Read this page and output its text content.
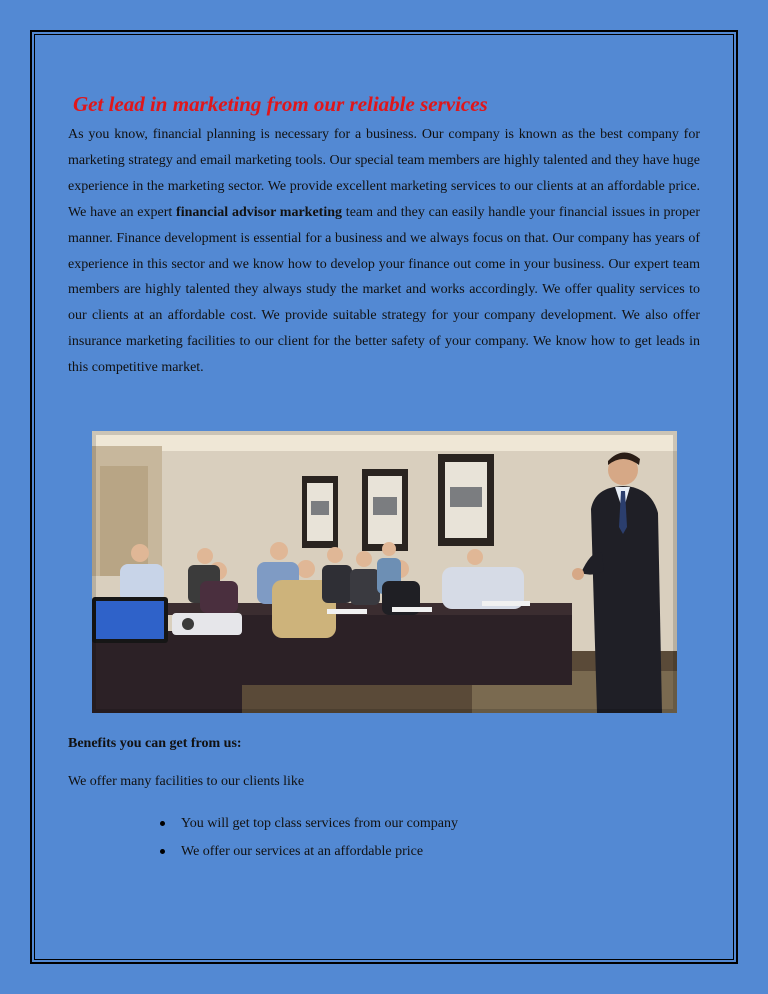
Get lead in marketing from our reliable services

As you know, financial planning is necessary for a business. Our company is known as the best company for marketing strategy and email marketing tools. Our special team members are highly talented and they have huge experience in the marketing sector. We provide excellent marketing services to our clients at an affordable price. We have an expert financial advisor marketing team and they can easily handle your financial issues in proper manner. Finance development is essential for a business and we always focus on that. Our company has years of experience in this sector and we know how to develop your finance out come in your business. Our expert team members are highly talented they always study the market and works accordingly. We offer quality services to our clients at an affordable cost. We provide suitable strategy for your company development. We also offer insurance marketing facilities to our client for the better safety of your company. We know how to get leads in this competitive market.

Benefits you can get from us:

We offer many facilities to our clients like

You will get top class services from our company
We offer our services at an affordable price
